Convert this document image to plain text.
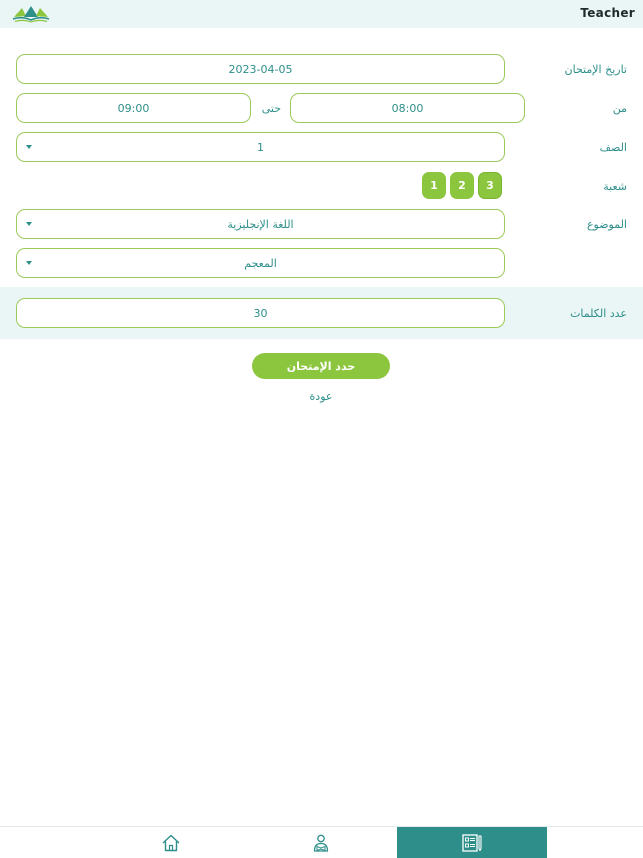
Teacher
تاريخ الإمتحان
2023-04-05
من
08:00
حتى
09:00
الصف
1
شعبة
3
2
1
الموضوع
اللغة الإنجليزية
المعجم
عدد الكلمات
30
حدد الإمتحان
عودة
